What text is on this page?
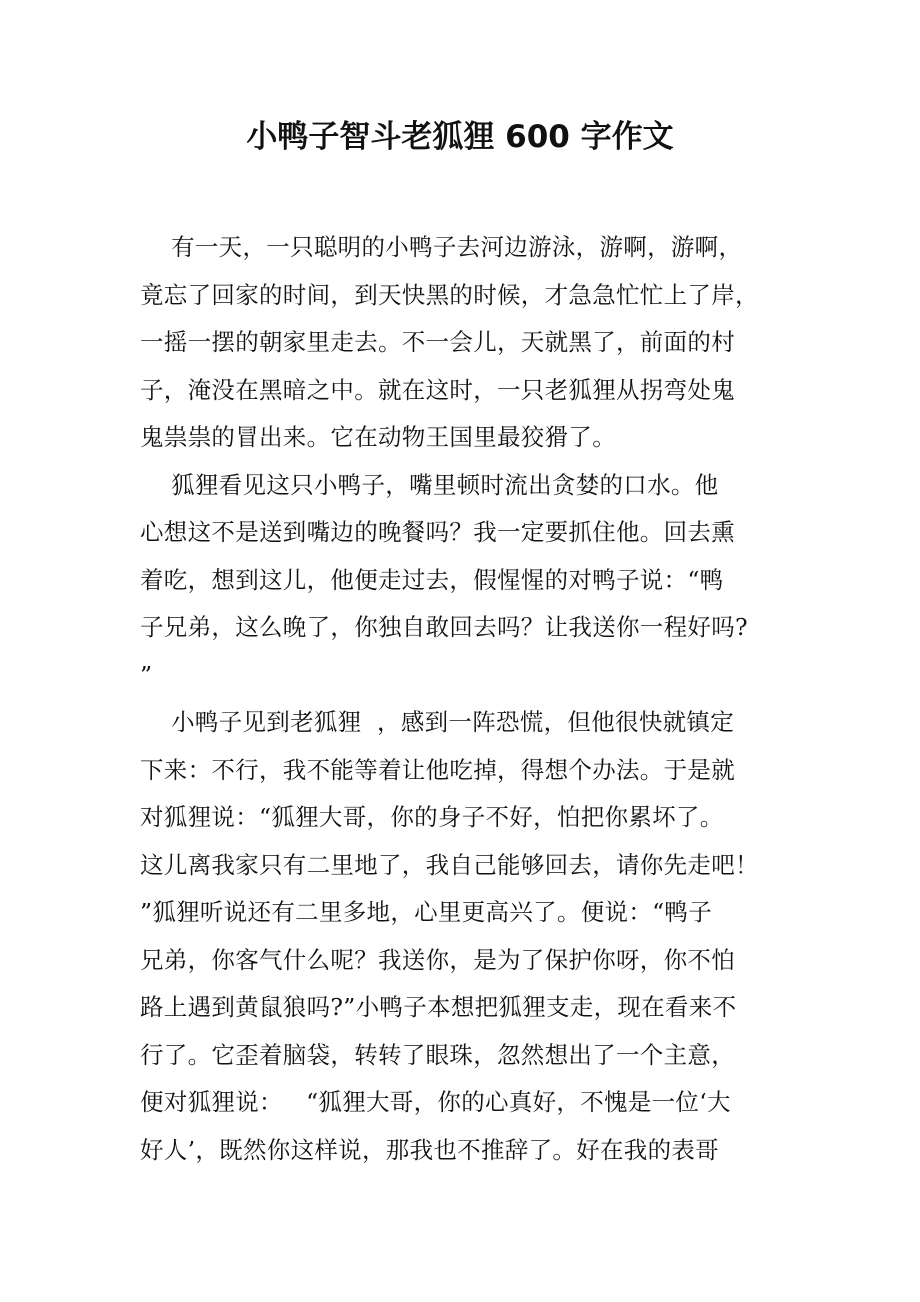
小鸭子智斗老狐狸 600 字作文
有一天，一只聪明的小鸭子去河边游泳，游啊，游啊，
竟忘了回家的时间，到天快黑的时候，才急急忙忙上了岸，
一摇一摆的朝家里走去。不一会儿，天就黑了，前面的村
子，淹没在黑暗之中。就在这时，一只老狐狸从拐弯处鬼
鬼祟祟的冒出来。它在动物王国里最狡猾了。
狐狸看见这只小鸭子，嘴里顿时流出贪婪的口水。他
心想这不是送到嘴边的晚餐吗？我一定要抓住他。回去熏
着吃，想到这儿，他便走过去，假惺惺的对鸭子说：“鸭
子兄弟，这么晚了，你独自敢回去吗？让我送你一程好吗?
”
小鸭子见到老狐狸  ，感到一阵恐慌，但他很快就镇定
下来：不行，我不能等着让他吃掉，得想个办法。于是就
对狐狸说：“狐狸大哥，你的身子不好，怕把你累坏了。
这儿离我家只有二里地了，我自己能够回去，请你先走吧！
”狐狸听说还有二里多地，心里更高兴了。便说：“鸭子
兄弟，你客气什么呢？我送你，是为了保护你呀，你不怕
路上遇到黄鼠狼吗?”小鸭子本想把狐狸支走，现在看来不
行了。它歪着脑袋，转转了眼珠，忽然想出了一个主意，
便对狐狸说：   “狐狸大哥，你的心真好，不愧是一位‘大
好人’，既然你这样说，那我也不推辞了。好在我的表哥
